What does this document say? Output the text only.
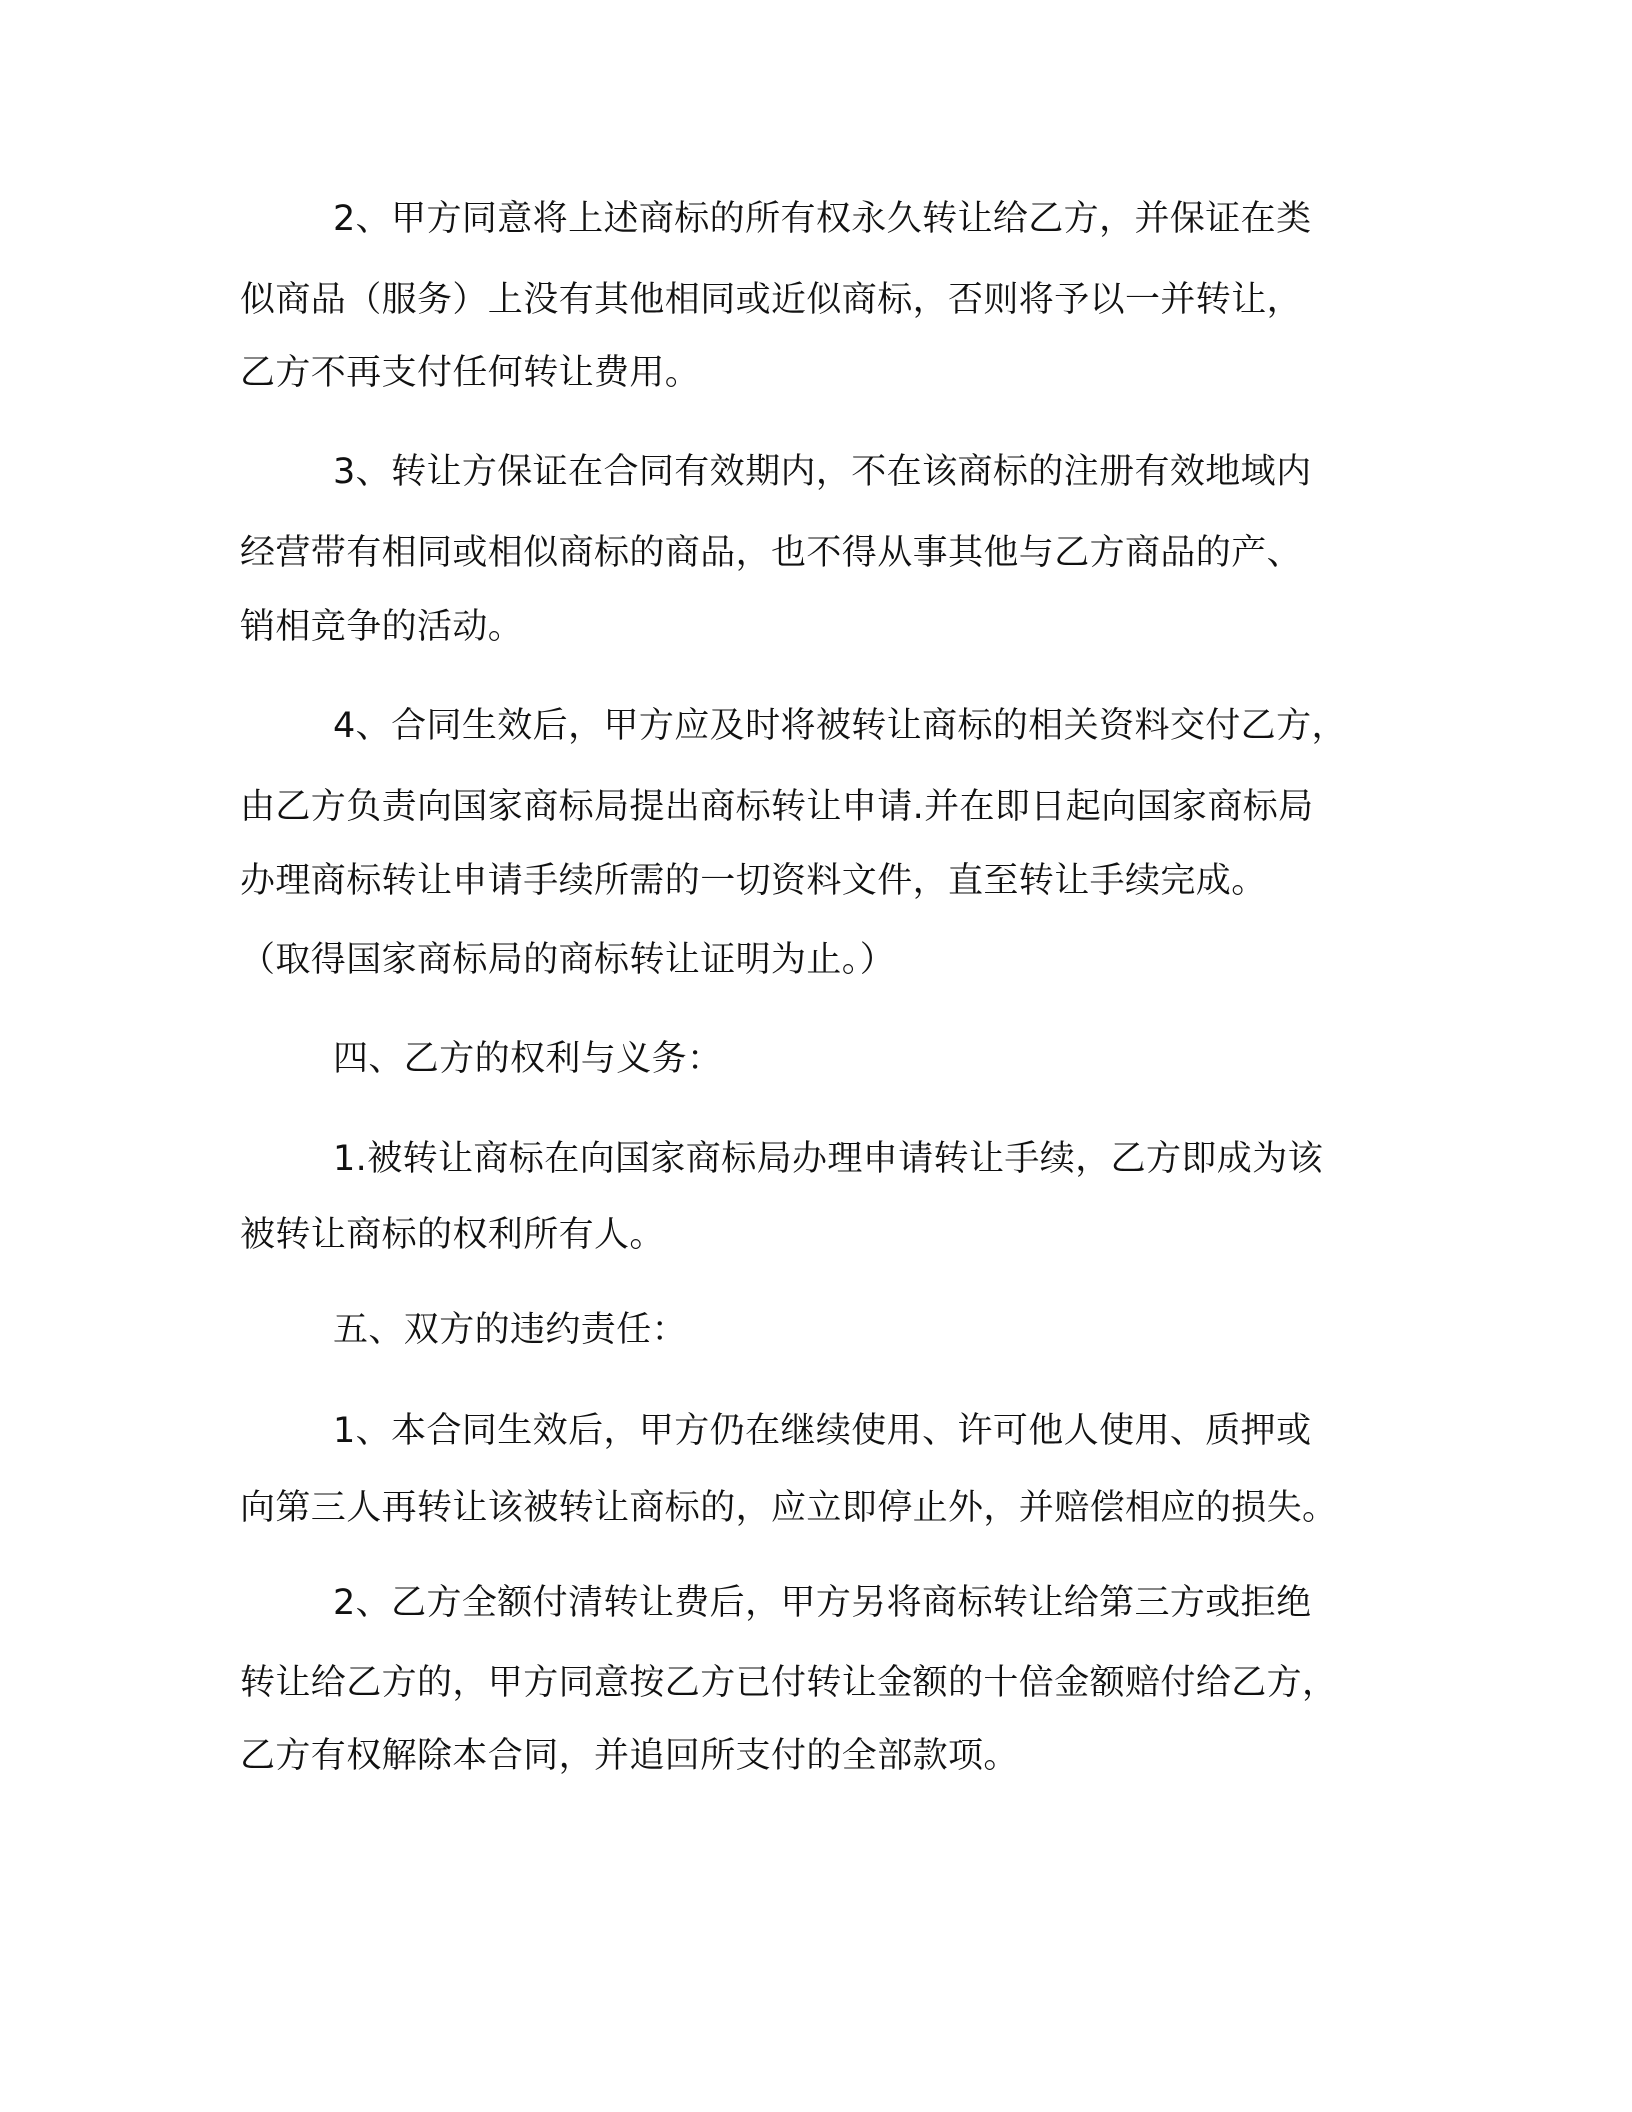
2、甲方同意将上述商标的所有权永久转让给乙方，并保证在类
似商品（服务）上没有其他相同或近似商标，否则将予以一并转让，
乙方不再支付任何转让费用。
3、转让方保证在合同有效期内，不在该商标的注册有效地域内
经营带有相同或相似商标的商品，也不得从事其他与乙方商品的产、
销相竞争的活动。
4、合同生效后，甲方应及时将被转让商标的相关资料交付乙方，
由乙方负责向国家商标局提出商标转让申请.并在即日起向国家商标局
办理商标转让申请手续所需的一切资料文件，直至转让手续完成。
（取得国家商标局的商标转让证明为止。）
四、乙方的权利与义务：
1.被转让商标在向国家商标局办理申请转让手续，乙方即成为该
被转让商标的权利所有人。
五、双方的违约责任：
1、本合同生效后，甲方仍在继续使用、许可他人使用、质押或
向第三人再转让该被转让商标的，应立即停止外，并赔偿相应的损失。
2、乙方全额付清转让费后，甲方另将商标转让给第三方或拒绝
转让给乙方的，甲方同意按乙方已付转让金额的十倍金额赔付给乙方，
乙方有权解除本合同，并追回所支付的全部款项。
